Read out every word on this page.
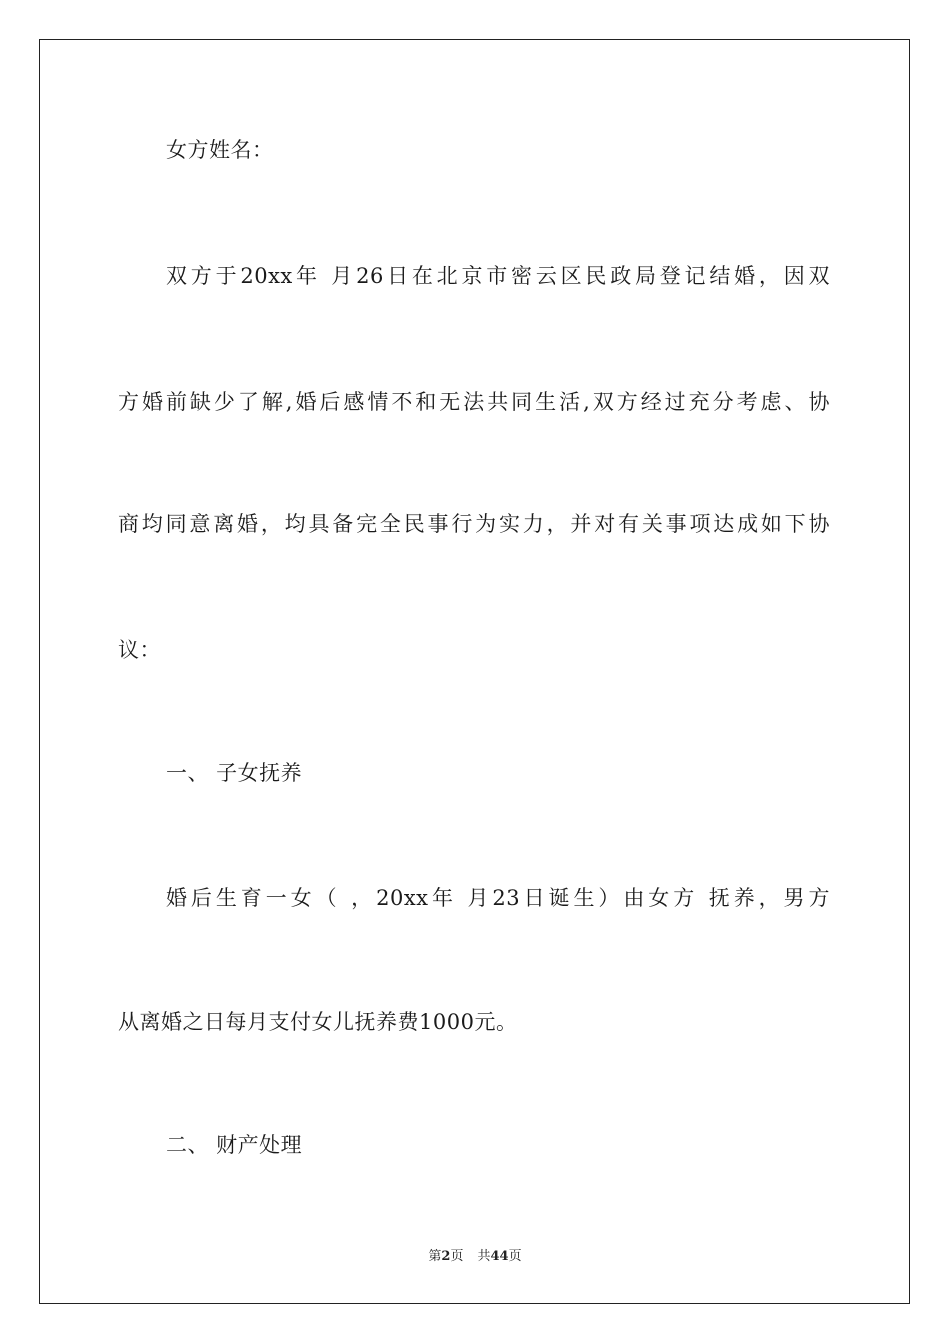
女方姓名：
双方于20xx年 月26日在北京市密云区民政局登记结婚，因双
方婚前缺少了解,婚后感情不和无法共同生活,双方经过充分考虑、协
商均同意离婚，均具备完全民事行为实力，并对有关事项达成如下协
议：
一、 子女抚养
婚后生育一女（ ，20xx年 月23日诞生）由女方 抚养，男方
从离婚之日每月支付女儿抚养费1000元。
二、 财产处理
第2页 共44页
